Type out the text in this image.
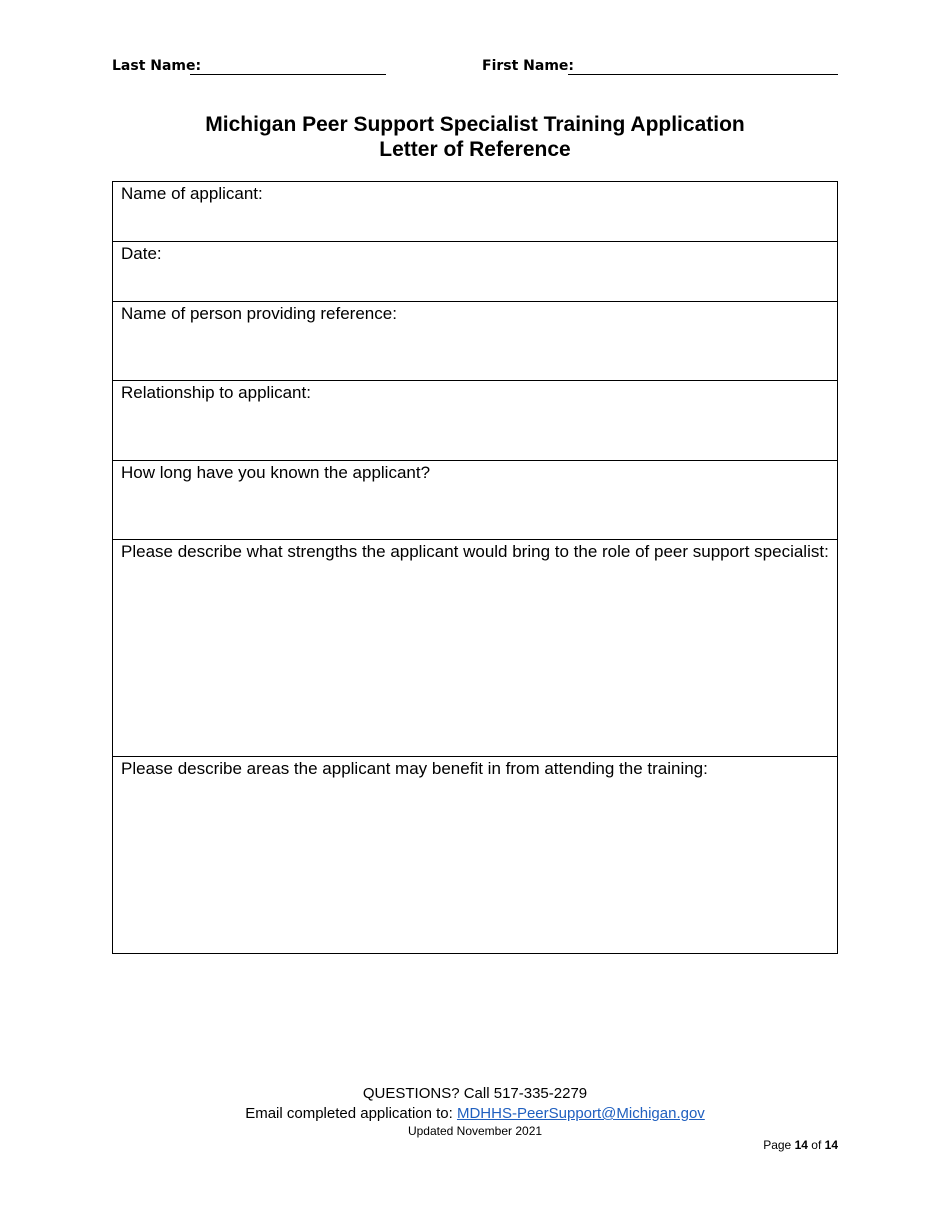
Last Name:	First Name:
Michigan Peer Support Specialist Training Application
Letter of Reference
Name of applicant:
Date:
Name of person providing reference:
Relationship to applicant:
How long have you known the applicant?
Please describe what strengths the applicant would bring to the role of peer support specialist:
Please describe areas the applicant may benefit in from attending the training:
QUESTIONS? Call 517-335-2279
Email completed application to: MDHHS-PeerSupport@Michigan.gov
Updated November 2021
Page 14 of 14
